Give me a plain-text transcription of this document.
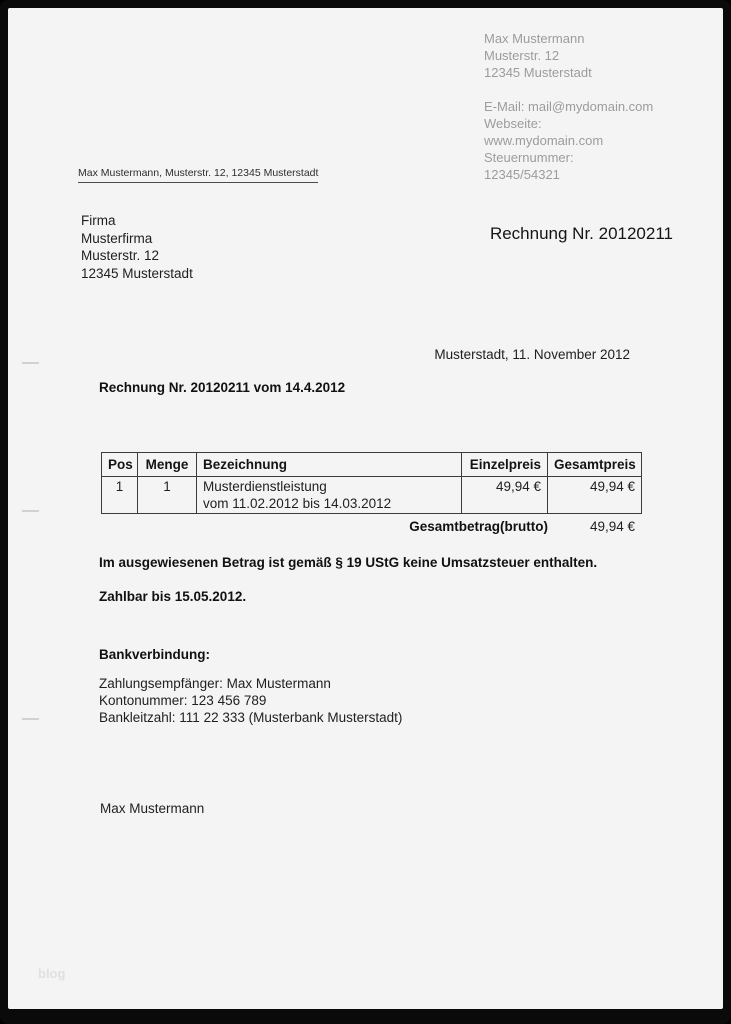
Max Mustermann
Musterstr. 12
12345 Musterstadt
E-Mail: mail@mydomain.com
Webseite:
www.mydomain.com
Steuernummer:
12345/54321
Max Mustermann, Musterstr. 12, 12345 Musterstadt
Firma
Musterfirma
Musterstr. 12
12345 Musterstadt
Rechnung Nr. 20120211
Musterstadt, 11. November 2012
Rechnung Nr. 20120211 vom 14.4.2012
Pos	Menge	Bezeichnung	Einzelpreis	Gesamtpreis
1	1	Musterdienstleistung
vom 11.02.2012 bis 14.03.2012	49,94 €	49,94 €
Gesamtbetrag(brutto)	49,94 €
Im ausgewiesenen Betrag ist gemäß § 19 UStG keine Umsatzsteuer enthalten.
Zahlbar bis 15.05.2012.
Bankverbindung:
Zahlungsempfänger: Max Mustermann
Kontonummer: 123 456 789
Bankleitzahl: 111 22 333 (Musterbank Musterstadt)
Max Mustermann
blog
